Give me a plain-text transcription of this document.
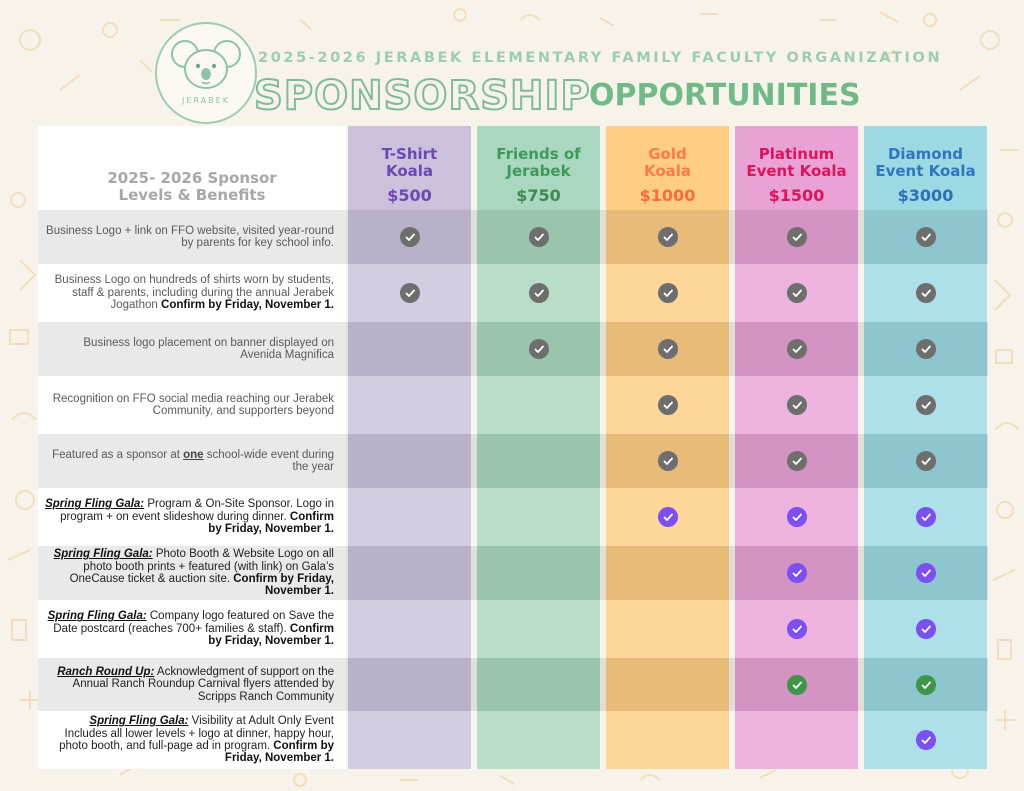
JERABEK
2025-2026 JERABEK ELEMENTARY FAMILY FACULTY ORGANIZATION
SPONSORSHIP
OPPORTUNITIES
2025- 2026 Sponsor
Levels & Benefits
T-Shirt
Koala
$500
Friends of
Jerabek
$750
Gold
Koala
$1000
Platinum
Event Koala
$1500
Diamond
Event Koala
$3000
Business Logo + link on FFO website, visited year-round by parents for key school info.
Business Logo on hundreds of shirts worn by students, staff & parents, including during the annual Jerabek Jogathon Confirm by Friday, November 1.
Business logo placement on banner displayed on Avenida Magnifica
Recognition on FFO social media reaching our Jerabek Community, and supporters beyond
Featured as a sponsor at one school-wide event during the year
Spring Fling Gala: Program & On-Site Sponsor. Logo in program + on event slideshow during dinner. Confirm by Friday, November 1.
Spring Fling Gala: Photo Booth & Website Logo on all photo booth prints + featured (with link) on Gala’s OneCause ticket & auction site. Confirm by Friday, November 1.
Spring Fling Gala: Company logo featured on Save the Date postcard (reaches 700+ families & staff). Confirm by Friday, November 1.
Ranch Round Up: Acknowledgment of support on the Annual Ranch Roundup Carnival flyers attended by Scripps Ranch Community
Spring Fling Gala: Visibility at Adult Only Event Includes all lower levels + logo at dinner, happy hour, photo booth, and full-page ad in program. Confirm by Friday, November 1.
